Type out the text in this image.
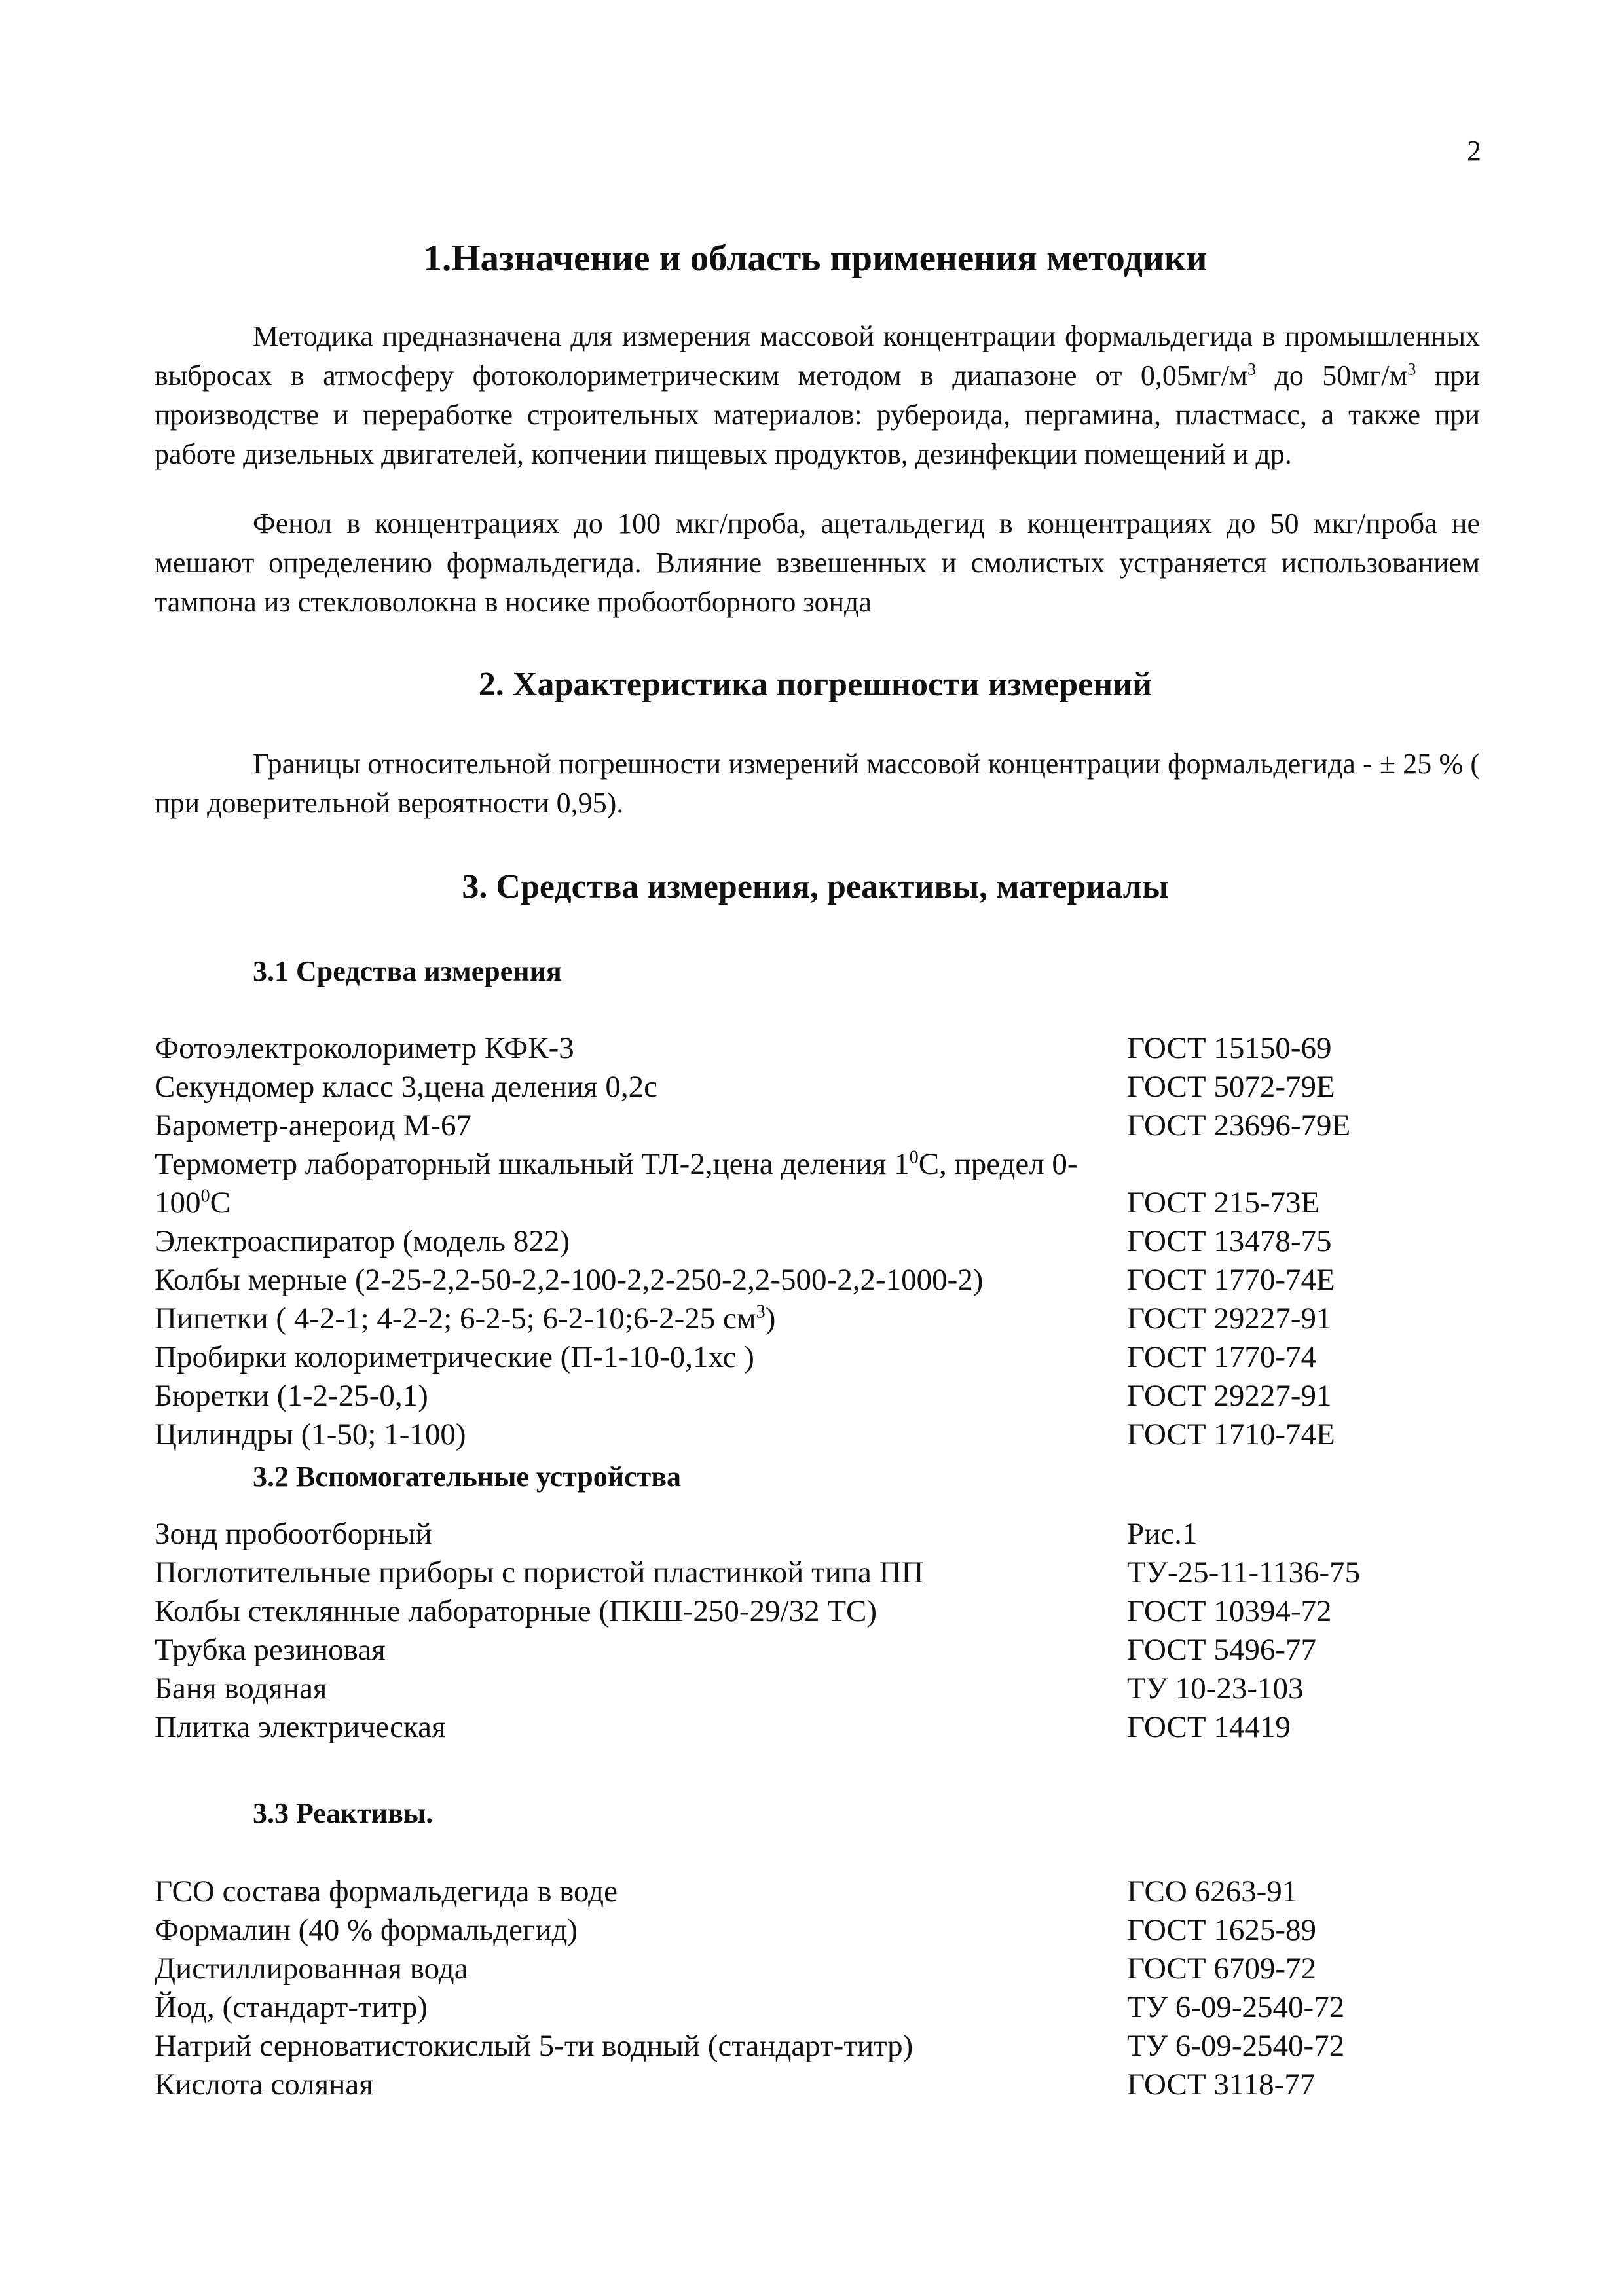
2
1.Назначение и область применения методики

Методика предназначена для измерения массовой концентрации формальдегида в промышленных выбросах в атмосферу фотоколориметрическим методом в диапазоне от $0,05мг/м^3$ до $50мг/м^3$ при производстве и переработке строительных материалов: рубероида, пергамина, пластмасс, а также при работе дизельных двигателей, копчении пищевых продуктов, дезинфекции помещений и др.

Фенол в концентрациях до 100 мкг/проба, ацетальдегид в концентрациях до 50 мкг/проба не мешают определению формальдегида. Влияние взвешенных и смолистых устраняется использованием тампона из стекловолокна в носике пробоотборного зонда

2. Характеристика погрешности измерений

Границы относительной погрешности измерений массовой концентрации формальдегида - ± 25 % ( при доверительной вероятности 0,95).

3. Средства измерения, реактивы, материалы

3.1 Средства измерения

Фотоэлектроколориметр КФК-3	ГОСТ 15150-69
Секундомер класс 3,цена деления 0,2с	ГОСТ 5072-79Е
Барометр-анероид М-67	ГОСТ 23696-79Е
Термометр лабораторный шкальный ТЛ-2,цена деления $1^0С$, предел $0-100^0С$	ГОСТ 215-73Е
Электроаспиратор (модель 822)	ГОСТ 13478-75
Колбы мерные (2-25-2,2-50-2,2-100-2,2-250-2,2-500-2,2-1000-2)	ГОСТ 1770-74Е
Пипетки ( 4-2-1; 4-2-2; 6-2-5; 6-2-10;6-2-25 $см^3$)	ГОСТ 29227-91
Пробирки колориметрические (П-1-10-0,1хс )	ГОСТ 1770-74
Бюретки (1-2-25-0,1)	ГОСТ 29227-91
Цилиндры (1-50; 1-100)	ГОСТ 1710-74Е

3.2 Вспомогательные устройства

Зонд пробоотборный	Рис.1
Поглотительные приборы с пористой пластинкой типа ПП	ТУ-25-11-1136-75
Колбы стеклянные лабораторные (ПКШ-250-29/32 ТС)	ГОСТ 10394-72
Трубка резиновая	ГОСТ 5496-77
Баня водяная	ТУ 10-23-103
Плитка электрическая	ГОСТ 14419

3.3 Реактивы.

ГСО состава формальдегида в воде	ГСО 6263-91
Формалин (40 % формальдегид)	ГОСТ 1625-89
Дистиллированная вода	ГОСТ 6709-72
Йод, (стандарт-титр)	ТУ 6-09-2540-72
Натрий серноватистокислый 5-ти водный (стандарт-титр)	ТУ 6-09-2540-72
Кислота соляная	ГОСТ 3118-77
